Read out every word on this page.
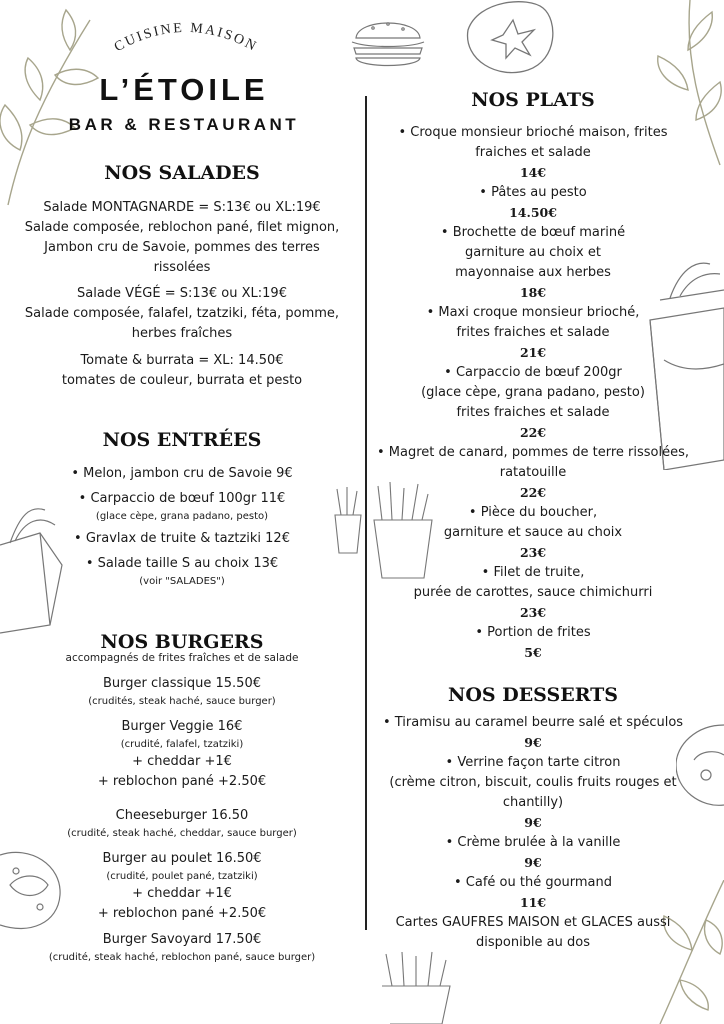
CUISINE MAISON
L’ÉTOILE
BAR & RESTAURANT
NOS SALADES
Salade MONTAGNARDE = S:13€ ou XL:19€
Salade composée, reblochon pané, filet mignon,
Jambon cru de Savoie, pommes des terres
rissolées
Salade VÉGÉ = S:13€ ou XL:19€
Salade composée, falafel, tzatziki, féta, pomme,
herbes fraîches
Tomate & burrata = XL: 14.50€
tomates de couleur, burrata et pesto
NOS ENTRÉES
• Melon, jambon cru de Savoie 9€
• Carpaccio de bœuf 100gr 11€
(glace cèpe, grana padano, pesto)
• Gravlax de truite & taztziki 12€
• Salade taille S au choix 13€
(voir "SALADES")
NOS BURGERS
accompagnés de frites fraîches et de salade
Burger classique 15.50€
(crudités, steak haché, sauce burger)
Burger Veggie 16€
(crudité, falafel, tzatziki)
+ cheddar +1€
+ reblochon pané +2.50€
Cheeseburger 16.50
(crudité, steak haché, cheddar, sauce burger)
Burger au poulet 16.50€
(crudité, poulet pané, tzatziki)
+ cheddar +1€
+ reblochon pané +2.50€
Burger Savoyard 17.50€
(crudité, steak haché, reblochon pané, sauce burger)
NOS PLATS
• Croque monsieur brioché maison, frites
fraiches et salade
14€
• Pâtes au pesto
14.50€
• Brochette de bœuf mariné
garniture au choix et
mayonnaise aux herbes
18€
• Maxi croque monsieur brioché,
frites fraiches et salade
21€
• Carpaccio de bœuf 200gr
(glace cèpe, grana padano, pesto)
frites fraiches et salade
22€
• Magret de canard, pommes de terre rissolées,
ratatouille
22€
• Pièce du boucher,
garniture et sauce au choix
23€
• Filet de truite,
purée de carottes, sauce chimichurri
23€
• Portion de frites
5€
NOS DESSERTS
• Tiramisu au caramel beurre salé et spéculos
9€
• Verrine façon tarte citron
(crème citron, biscuit, coulis fruits rouges et
chantilly)
9€
• Crème brulée à la vanille
9€
• Café ou thé gourmand
11€
Cartes GAUFRES MAISON et GLACES aussi
disponible au dos
